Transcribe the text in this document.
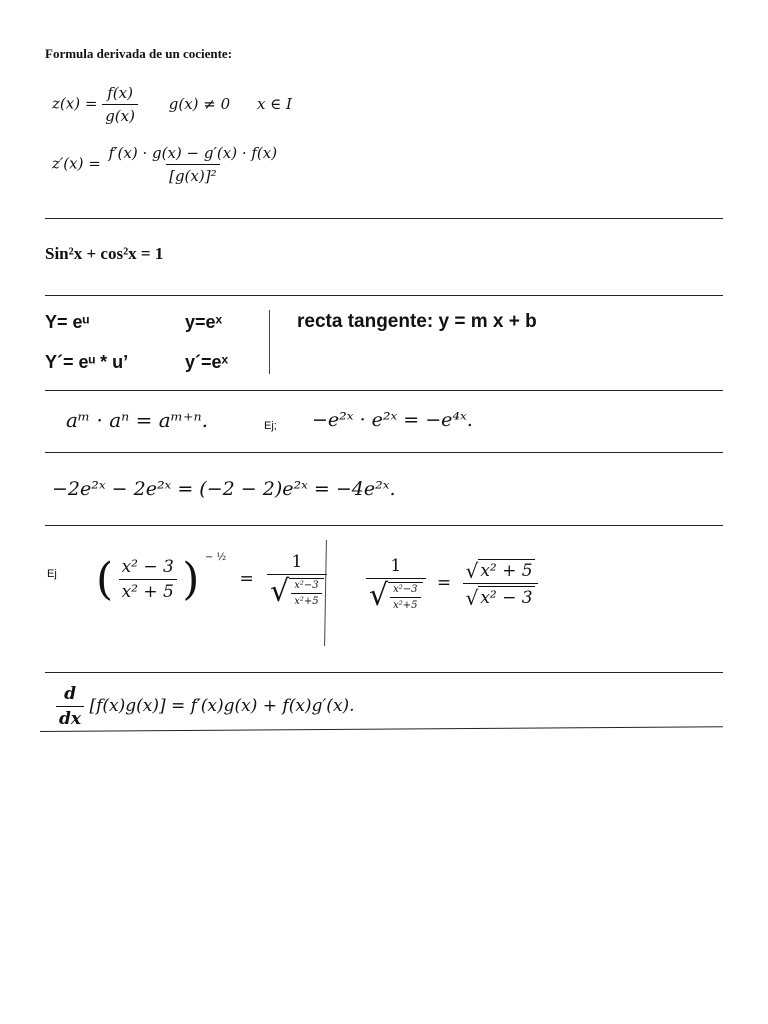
Formula derivada de un cociente:
$z(x) = \frac{f(x)}{g(x)} g(x) \ne 0$ x ∈ I
$z'(x) = \frac{f'(x) \cdot g(x) - g'(x) \cdot f(x)}{\text{[g(x)]²}}$
Sin²x + cos²x = 1
Y= eᵘ	y=eˣ
Y´= eᵘ * u’	y´=eˣ
recta tangente: y = m x + b
aᵐ · aⁿ = aᵐ⁺ⁿ.	Ej; −e²ˣ · e²ˣ = −e⁴ˣ.
−2e²ˣ − 2e²ˣ = (−2 − 2)e²ˣ = −4e²ˣ.
Ej ( $\frac{\text{x² − 3}}{\text{x² + 5}}$ ) $^{- \frac{1}{2}} = \frac{1}{√ \frac{\text{x²−3}}{\text{x²+5}}} \frac{1}{√ \frac{\text{x²−3}}{\text{x²+5}}} = \frac{\text{√ x² + 5}}{\text{√ x² − 3}}$
$\frac{d}{dx} [f(x)g(x)] = f'(x)g(x) + f(x)g'(x)$.
